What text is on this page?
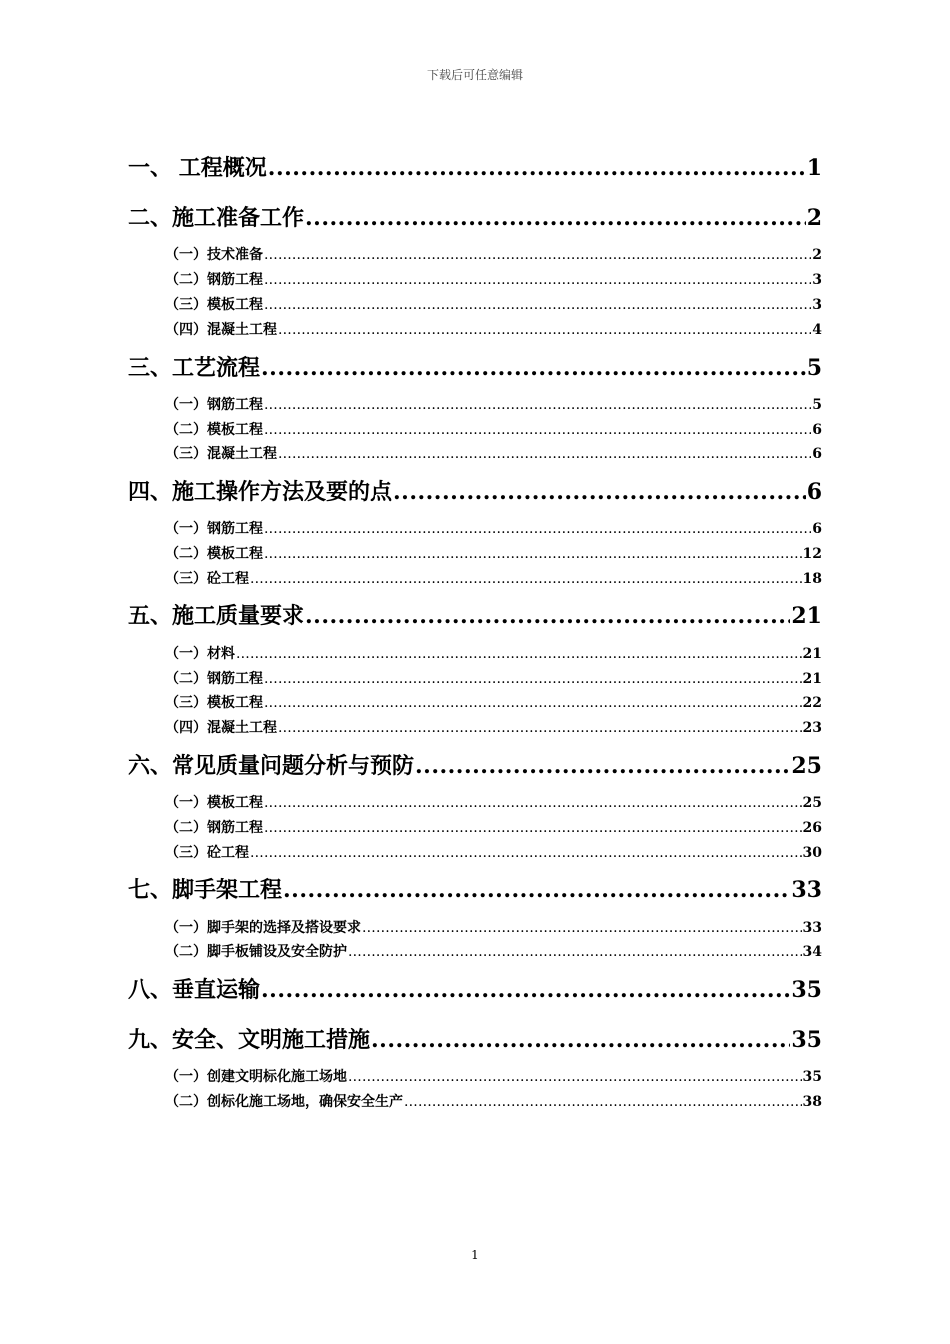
下载后可任意编辑
一、 工程概况 .....	1
二、施工准备工作 .....	2
（一）技术准备 .....	2
（二）钢筋工程 .....	3
（三）模板工程 .....	3
（四）混凝土工程 .....	4
三、工艺流程 .....	5
（一）钢筋工程 .....	5
（二）模板工程 .....	6
（三）混凝土工程 .....	6
四、施工操作方法及要的点 .....	6
（一）钢筋工程 .....	6
（二）模板工程 .....	12
（三）砼工程 .....	18
五、施工质量要求 .....	21
（一）材料 .....	21
（二）钢筋工程 .....	21
（三）模板工程 .....	22
（四）混凝土工程 .....	23
六、常见质量问题分析与预防 .....	25
（一）模板工程 .....	25
（二）钢筋工程 .....	26
（三）砼工程 .....	30
七、脚手架工程 .....	33
（一）脚手架的选择及搭设要求 .....	33
（二）脚手板铺设及安全防护 .....	34
八、垂直运输 .....	35
九、安全、文明施工措施 .....	35
（一）创建文明标化施工场地 .....	35
（二）创标化施工场地，确保安全生产 .....	38
1
